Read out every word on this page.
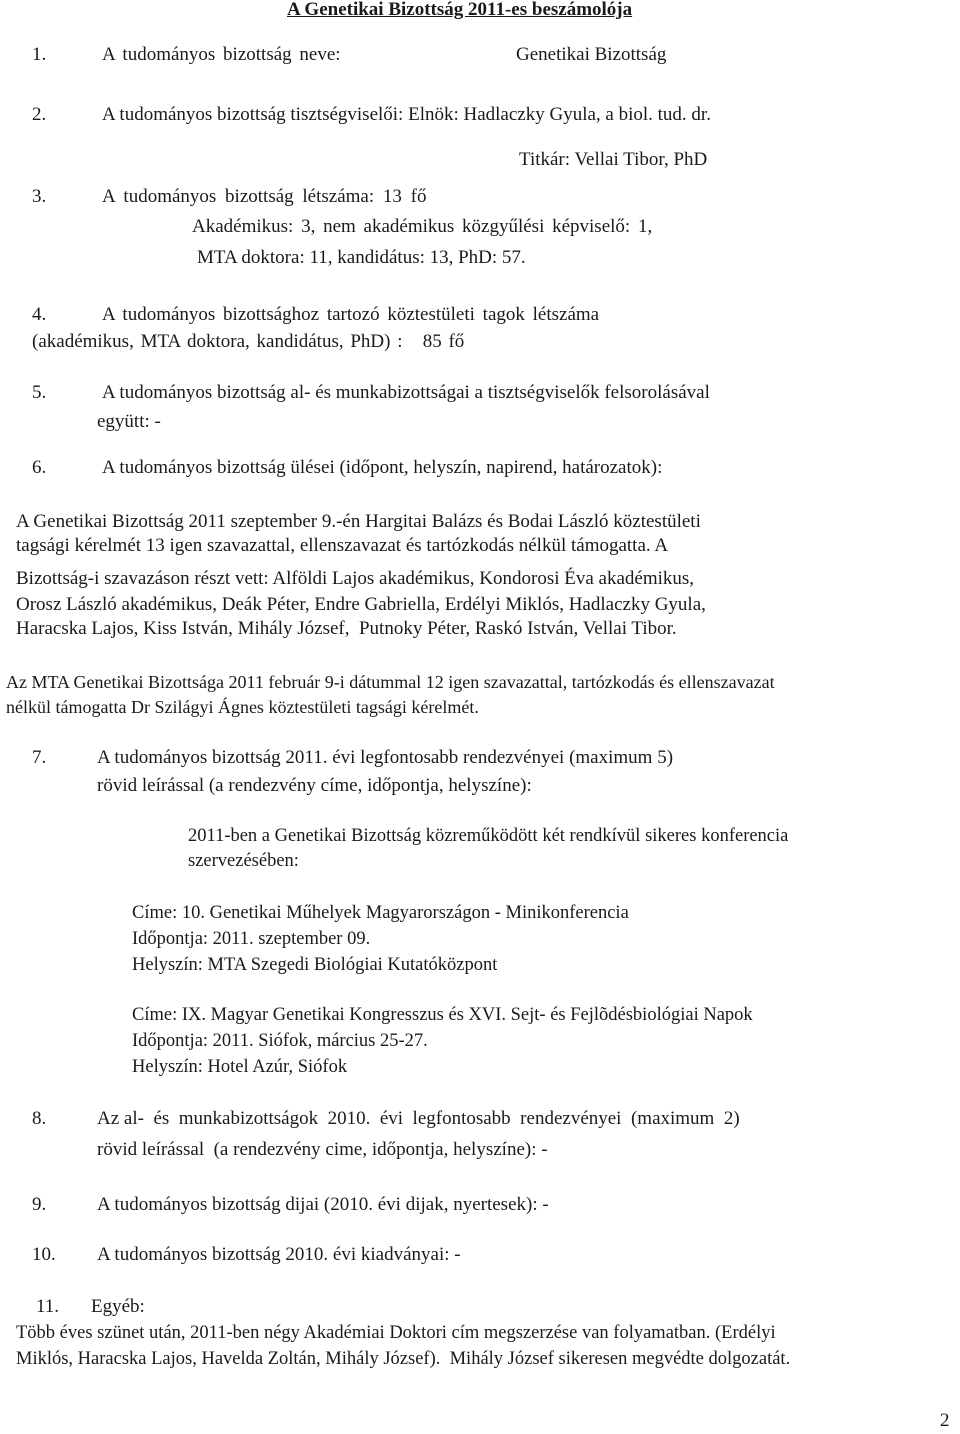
A Genetikai Bizottság 2011-es beszámolója
1.	A tudományos bizottság neve:	Genetikai Bizottság
2.	A tudományos bizottság tisztségviselői: Elnök: Hadlaczky Gyula, a biol. tud. dr.
Titkár: Vellai Tibor, PhD
3.	A tudományos bizottság létszáma: 13 fő
Akadémikus: 3, nem akadémikus közgyűlési képviselő: 1,
MTA doktora: 11, kandidátus: 13, PhD: 57.
4.	A tudományos bizottsághoz tartozó köztestületi tagok létszáma
(akadémikus, MTA doktora, kandidátus, PhD) :   85 fő
5.	A tudományos bizottság al- és munkabizottságai a tisztségviselők felsorolásával
együtt: -
6.	A tudományos bizottság ülései (időpont, helyszín, napirend, határozatok):
A Genetikai Bizottság 2011 szeptember 9.-én Hargitai Balázs és Bodai László köztestületi
tagsági kérelmét 13 igen szavazattal, ellenszavazat és tartózkodás nélkül támogatta. A
Bizottság-i szavazáson részt vett: Alföldi Lajos akadémikus, Kondorosi Éva akadémikus,
Orosz László akadémikus, Deák Péter, Endre Gabriella, Erdélyi Miklós, Hadlaczky Gyula,
Haracska Lajos, Kiss István, Mihály József,  Putnoky Péter, Raskó István, Vellai Tibor.
Az MTA Genetikai Bizottsága 2011 február 9-i dátummal 12 igen szavazattal, tartózkodás és ellenszavazat
nélkül támogatta Dr Szilágyi Ágnes köztestületi tagsági kérelmét.
7.	A tudományos bizottság 2011. évi legfontosabb rendezvényei (maximum 5)
rövid leírással (a rendezvény címe, időpontja, helyszíne):
2011-ben a Genetikai Bizottság közreműködött két rendkívül sikeres konferencia
szervezésében:
Címe: 10. Genetikai Műhelyek Magyarországon - Minikonferencia
Időpontja: 2011. szeptember 09.
Helyszín: MTA Szegedi Biológiai Kutatóközpont
Címe: IX. Magyar Genetikai Kongresszus és XVI. Sejt- és Fejlõdésbiológiai Napok
Időpontja: 2011. Siófok, március 25-27.
Helyszín: Hotel Azúr, Siófok
8.	Az al-  és  munkabizottságok  2010.  évi  legfontosabb  rendezvényei  (maximum  2)
rövid leírással  (a rendezvény cime, időpontja, helyszíne): -
9.	A tudományos bizottság dijai (2010. évi dijak, nyertesek): -
10. A tudományos bizottság 2010. évi kiadványai: -
11. Egyéb:
Több éves szünet után, 2011-ben négy Akadémiai Doktori cím megszerzése van folyamatban. (Erdélyi
Miklós, Haracska Lajos, Havelda Zoltán, Mihály József).  Mihály József sikeresen megvédte dolgozatát.
2
